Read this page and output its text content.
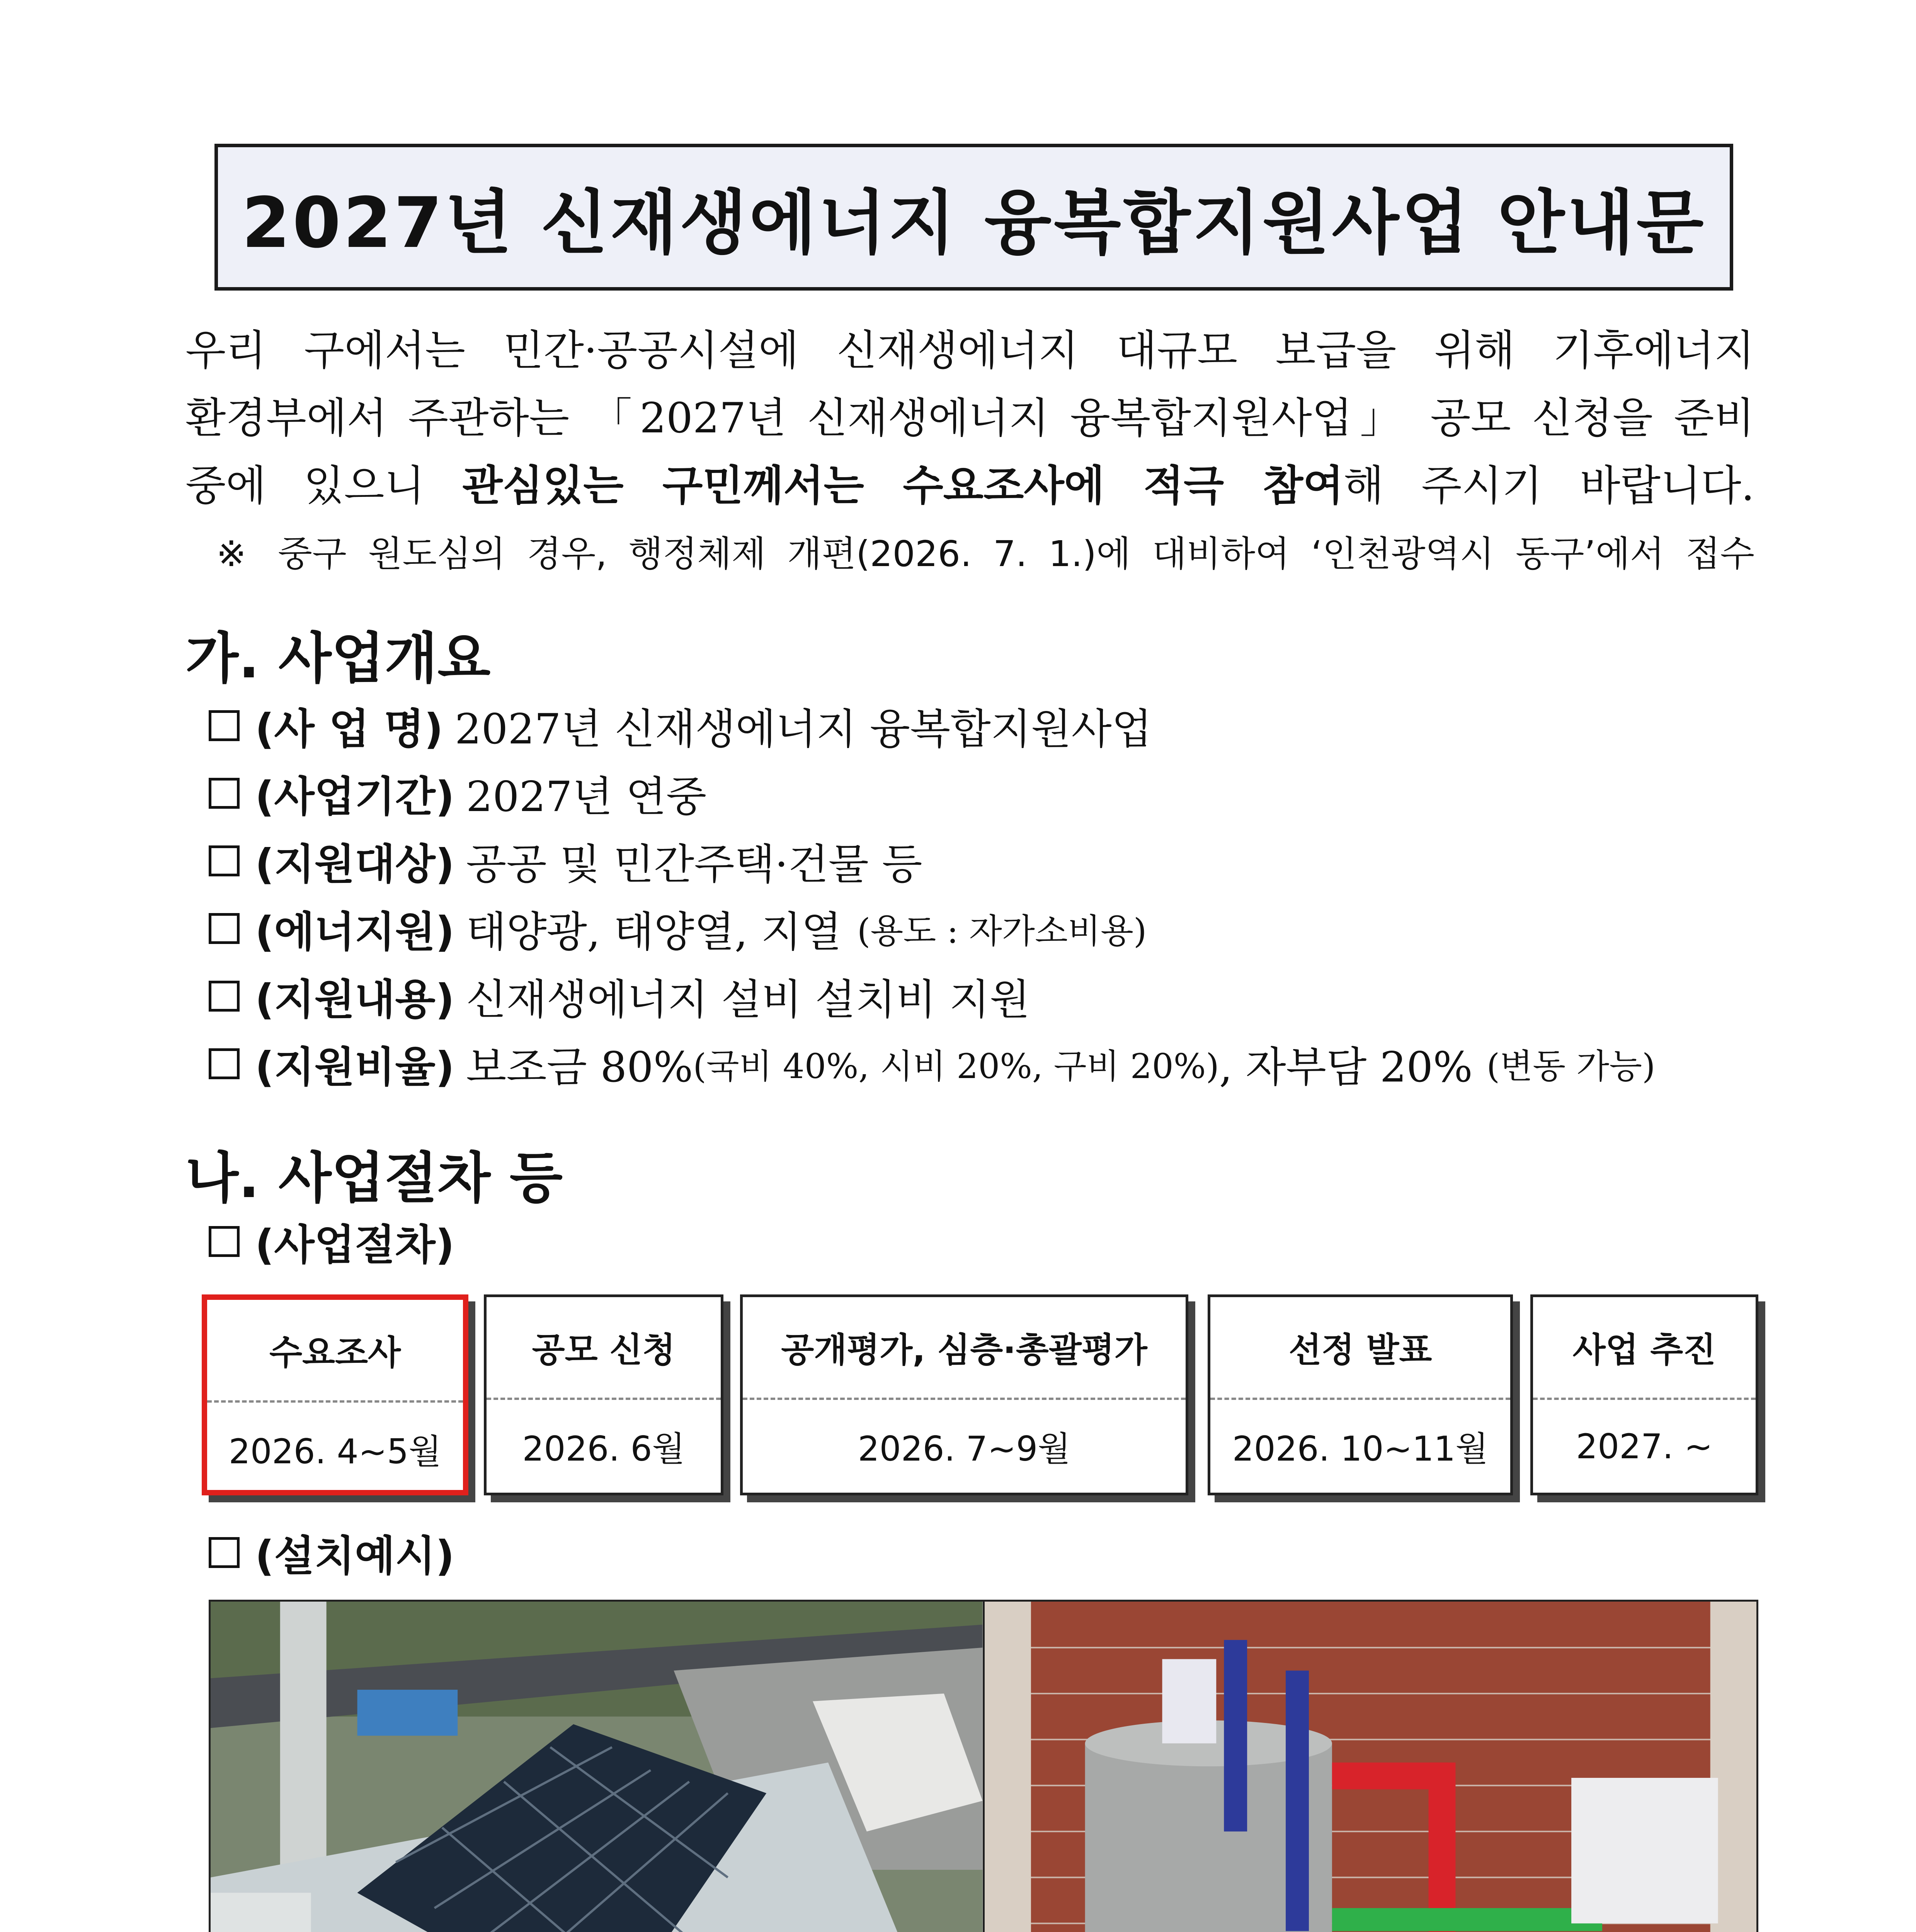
2027년 신재생에너지 융복합지원사업 안내문
우리 구에서는 민간·공공시설에 신재생에너지 대규모 보급을 위해 기후에너지
환경부에서 주관하는 「2027년 신재생에너지 융복합지원사업」 공모 신청을 준비
중에 있으니 관심있는 구민께서는 수요조사에 적극 참여해 주시기 바랍니다.
※ 중구 원도심의 경우, 행정체제 개편(2026. 7. 1.)에 대비하여 ‘인천광역시 동구’에서 접수
가. 사업개요
(사 업 명) 2027년 신재생에너지 융복합지원사업
(사업기간) 2027년 연중
(지원대상) 공공 및 민간주택·건물 등
(에너지원) 태양광, 태양열, 지열 (용도 : 자가소비용)
(지원내용) 신재생에너지 설비 설치비 지원
(지원비율) 보조금 80% (국비 40%, 시비 20%, 구비 20%) , 자부담 20% (변동 가능)
나. 사업절차 등
(사업절차)
수요조사
2026. 4~5월
공모 신청
2026. 6월
공개평가, 심층·총괄평가
2026. 7~9월
선정 발표
2026. 10~11월
사업 추진
2027. ~
(설치예시)
